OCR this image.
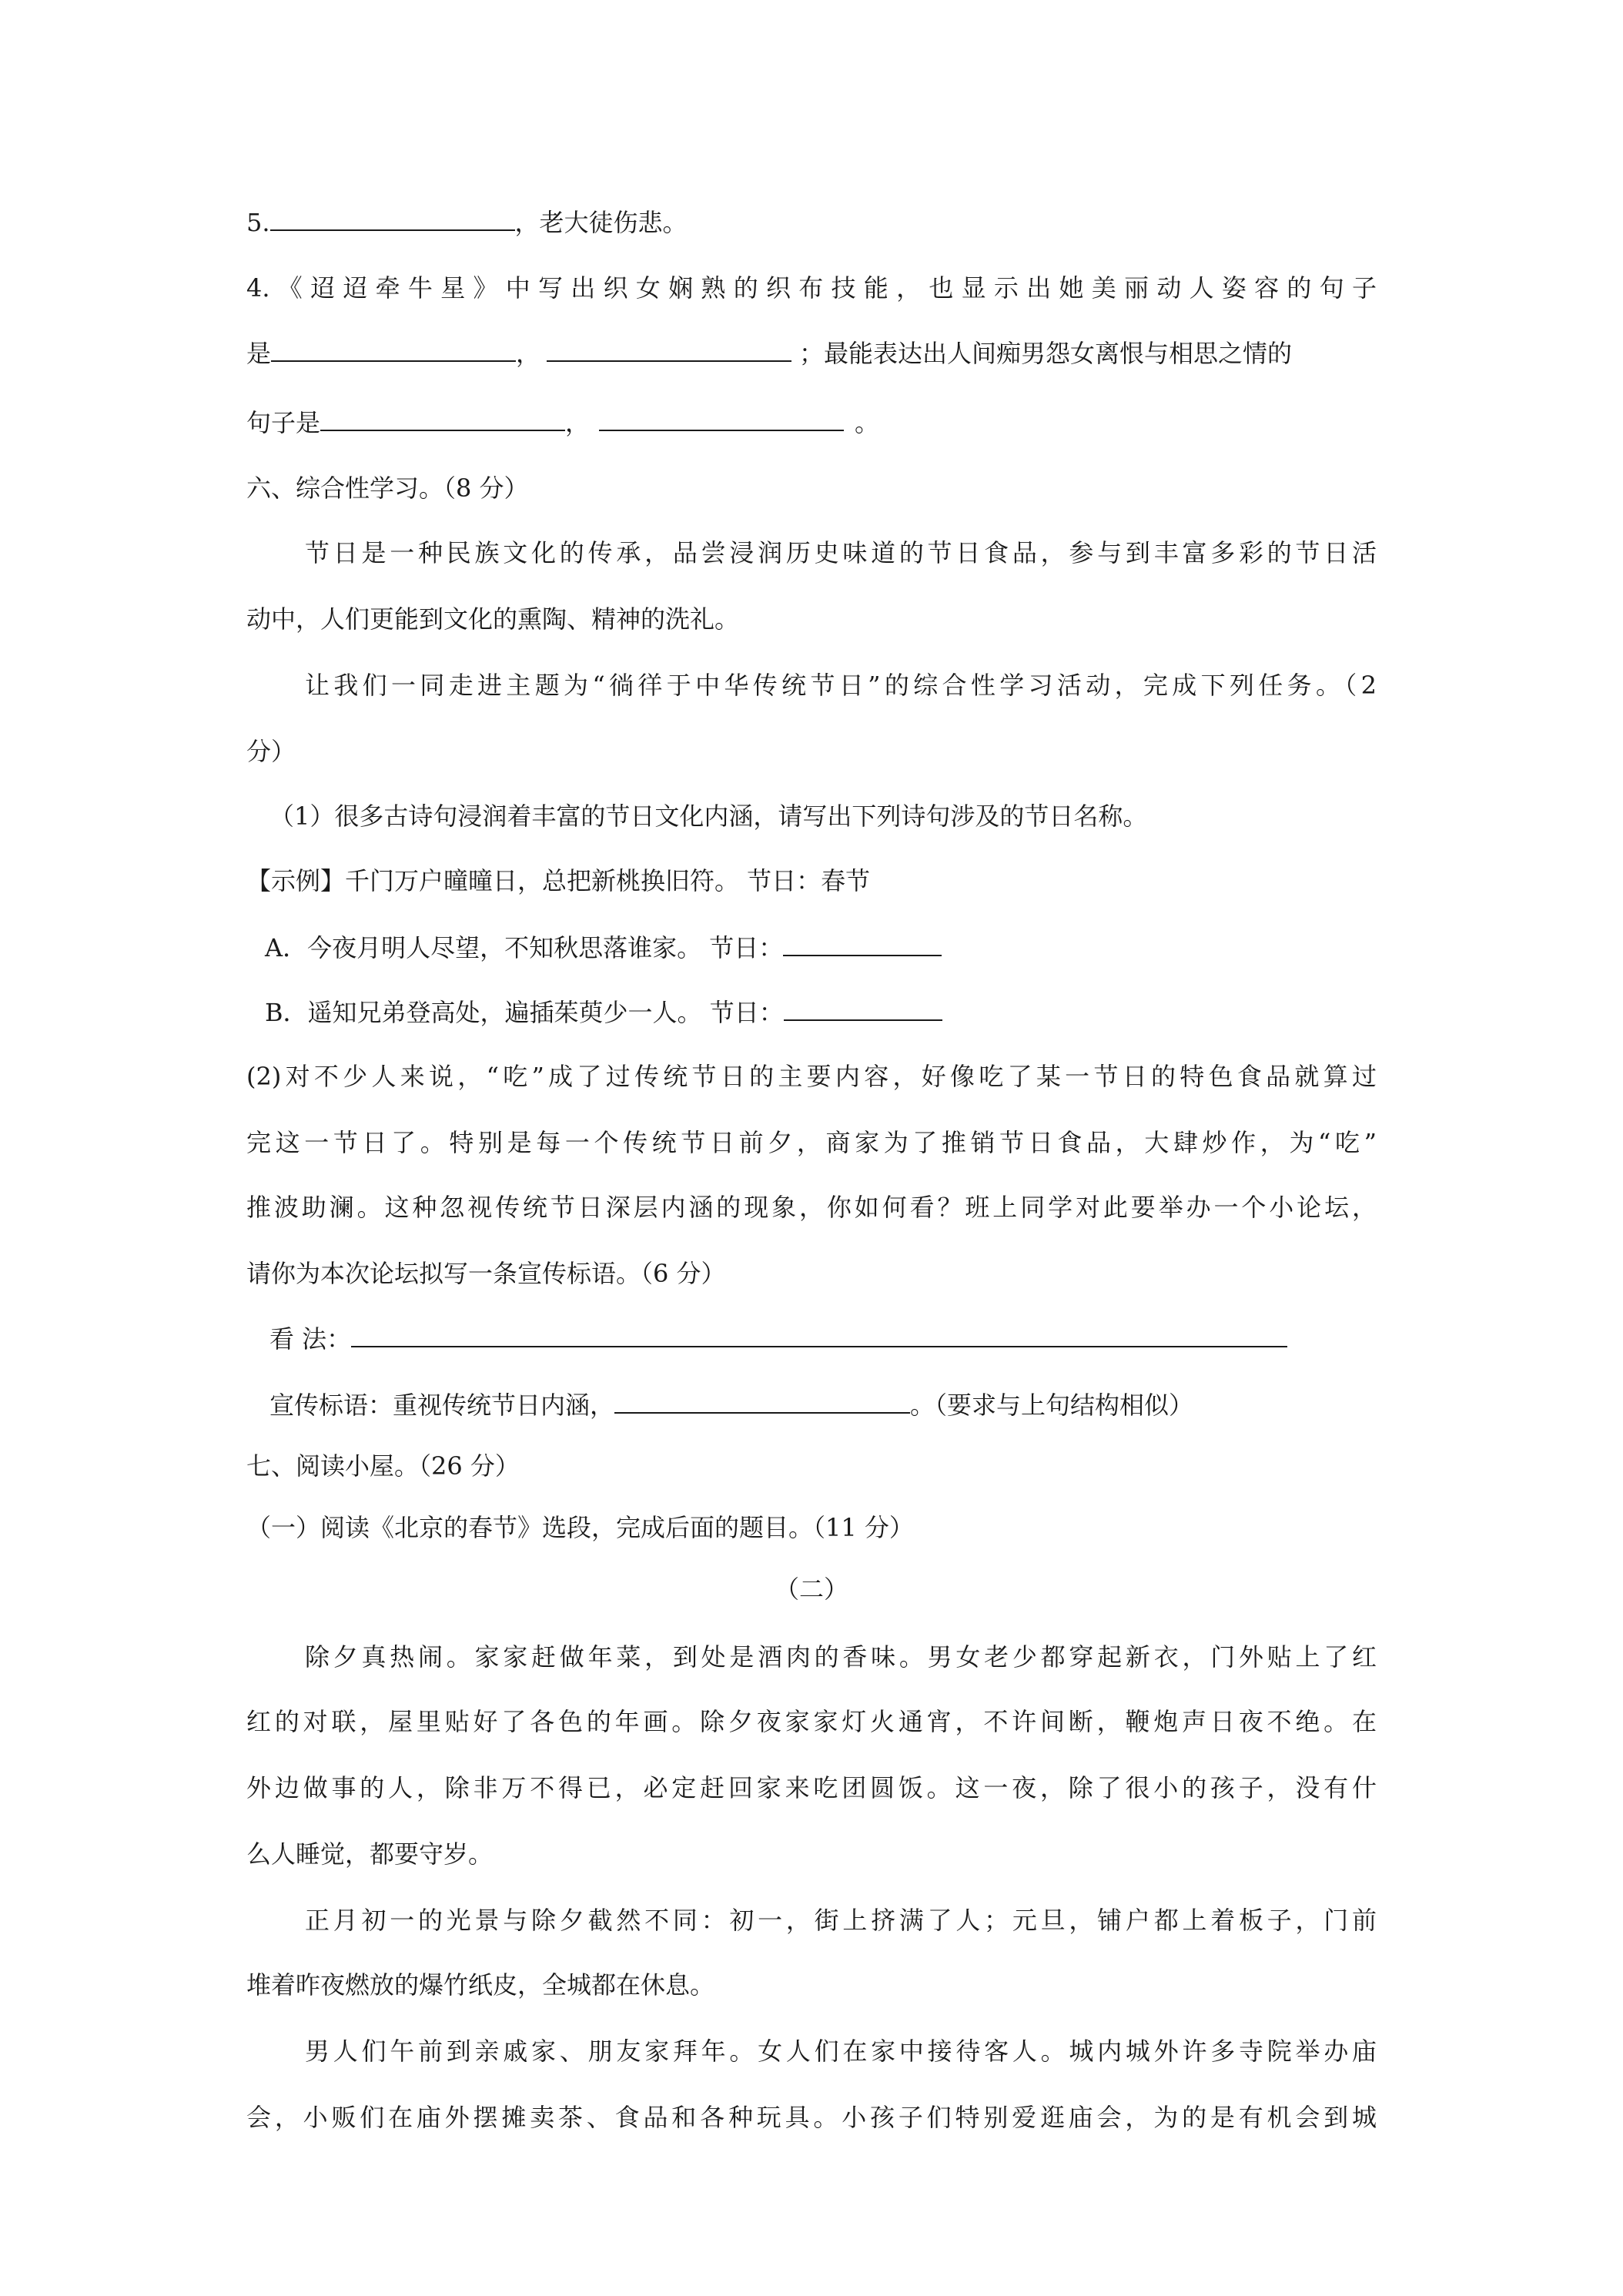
5.	，老大徒伤悲。
4.《迢迢牵牛星》中写出织女娴熟的织布技能，也显示出她美丽动人姿容的句子
是	，	；最能表达出人间痴男怨女离恨与相思之情的
句子是	，	。
六、综合性学习。（8 分）
节日是一种民族文化的传承，品尝浸润历史味道的节日食品，参与到丰富多彩的节日活
动中，人们更能到文化的熏陶、精神的洗礼。
让我们一同走进主题为“徜徉于中华传统节日”的综合性学习活动，完成下列任务。（2
分）
（1）很多古诗句浸润着丰富的节日文化内涵，请写出下列诗句涉及的节日名称。
【示例】千门万户曈曈日，总把新桃换旧符。 节日：春节
A．今夜月明人尽望，不知秋思落谁家。 节日：
B．遥知兄弟登高处，遍插茱萸少一人。 节日：
(2)对不少人来说，“吃”成了过传统节日的主要内容，好像吃了某一节日的特色食品就算过
完这一节日了。特别是每一个传统节日前夕，商家为了推销节日食品，大肆炒作，为“吃”
推波助澜。这种忽视传统节日深层内涵的现象，你如何看？班上同学对此要举办一个小论坛，
请你为本次论坛拟写一条宣传标语。（6 分）
看 法：
宣传标语：重视传统节日内涵，	。（要求与上句结构相似）
七、阅读小屋。（26 分）
（一）阅读《北京的春节》选段，完成后面的题目。（11 分）
（二）
除夕真热闹。家家赶做年菜，到处是酒肉的香味。男女老少都穿起新衣，门外贴上了红
红的对联，屋里贴好了各色的年画。除夕夜家家灯火通宵，不许间断，鞭炮声日夜不绝。在
外边做事的人，除非万不得已，必定赶回家来吃团圆饭。这一夜，除了很小的孩子，没有什
么人睡觉，都要守岁。
正月初一的光景与除夕截然不同：初一，街上挤满了人；元旦，铺户都上着板子，门前
堆着昨夜燃放的爆竹纸皮，全城都在休息。
男人们午前到亲戚家、朋友家拜年。女人们在家中接待客人。城内城外许多寺院举办庙
会，小贩们在庙外摆摊卖茶、食品和各种玩具。小孩子们特别爱逛庙会，为的是有机会到城
